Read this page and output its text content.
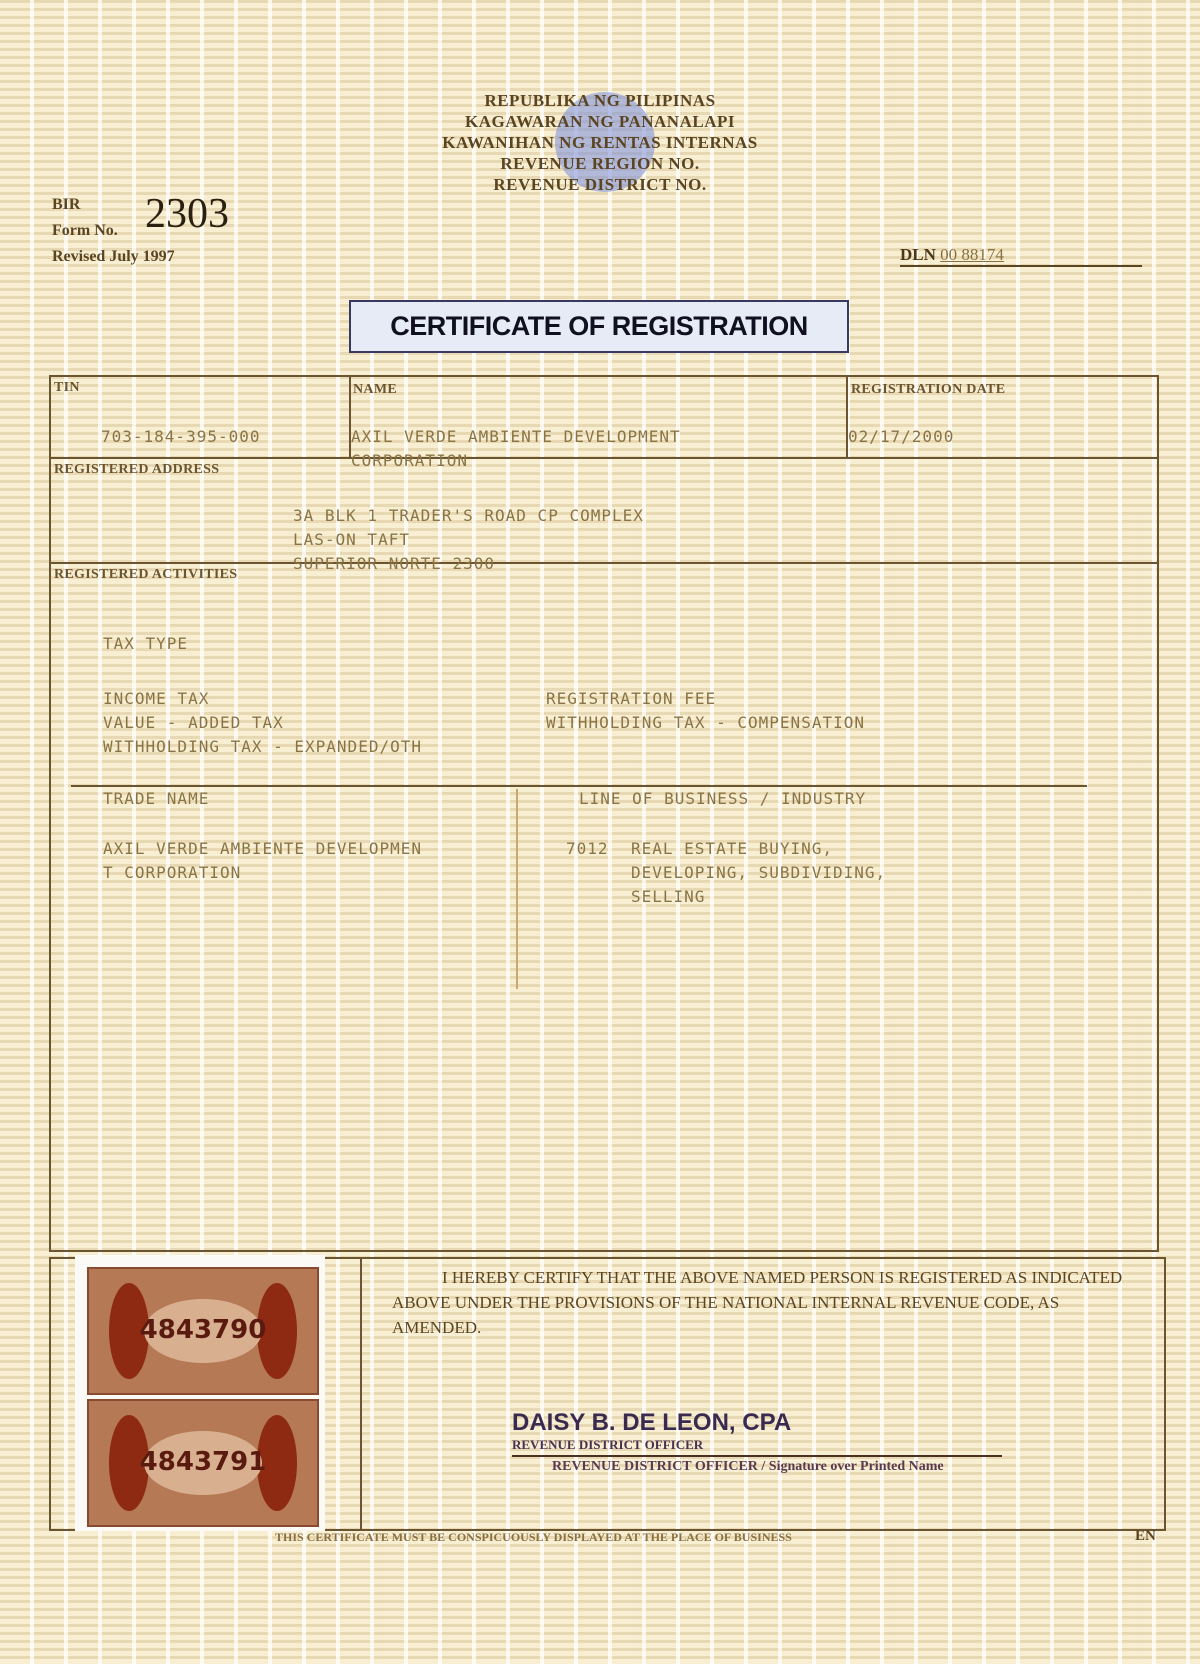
REPUBLIKA NG PILIPINAS
KAGAWARAN NG PANANALAPI
KAWANIHAN NG RENTAS INTERNAS
REVENUE REGION NO.
REVENUE DISTRICT NO.
BIR
Form No.
Revised July 1997
2303
DLN 00 88174
CERTIFICATE OF REGISTRATION
TIN
703-184-395-000
NAME
AXIL VERDE AMBIENTE DEVELOPMENT
CORPORATION
REGISTRATION DATE
02/17/2000
REGISTERED ADDRESS
3A BLK 1 TRADER'S ROAD CP COMPLEX
LAS-ON TAFT
SUPERIOR NORTE 2300
REGISTERED ACTIVITIES
TAX TYPE
INCOME TAX
VALUE - ADDED TAX
WITHHOLDING TAX - EXPANDED/OTH
REGISTRATION FEE
WITHHOLDING TAX - COMPENSATION
TRADE NAME	LINE OF BUSINESS / INDUSTRY
AXIL VERDE AMBIENTE DEVELOPMEN
T CORPORATION
7012 REAL ESTATE BUYING,
DEVELOPING, SUBDIVIDING,
SELLING
4843790
4843791
I HEREBY CERTIFY THAT THE ABOVE NAMED PERSON IS REGISTERED AS INDICATED ABOVE UNDER THE PROVISIONS OF THE NATIONAL INTERNAL REVENUE CODE, AS AMENDED.
DAISY B. DE LEON, CPA
REVENUE DISTRICT OFFICER
REVENUE DISTRICT OFFICER / Signature over Printed Name
THIS CERTIFICATE MUST BE CONSPICUOUSLY DISPLAYED AT THE PLACE OF BUSINESS	EN
